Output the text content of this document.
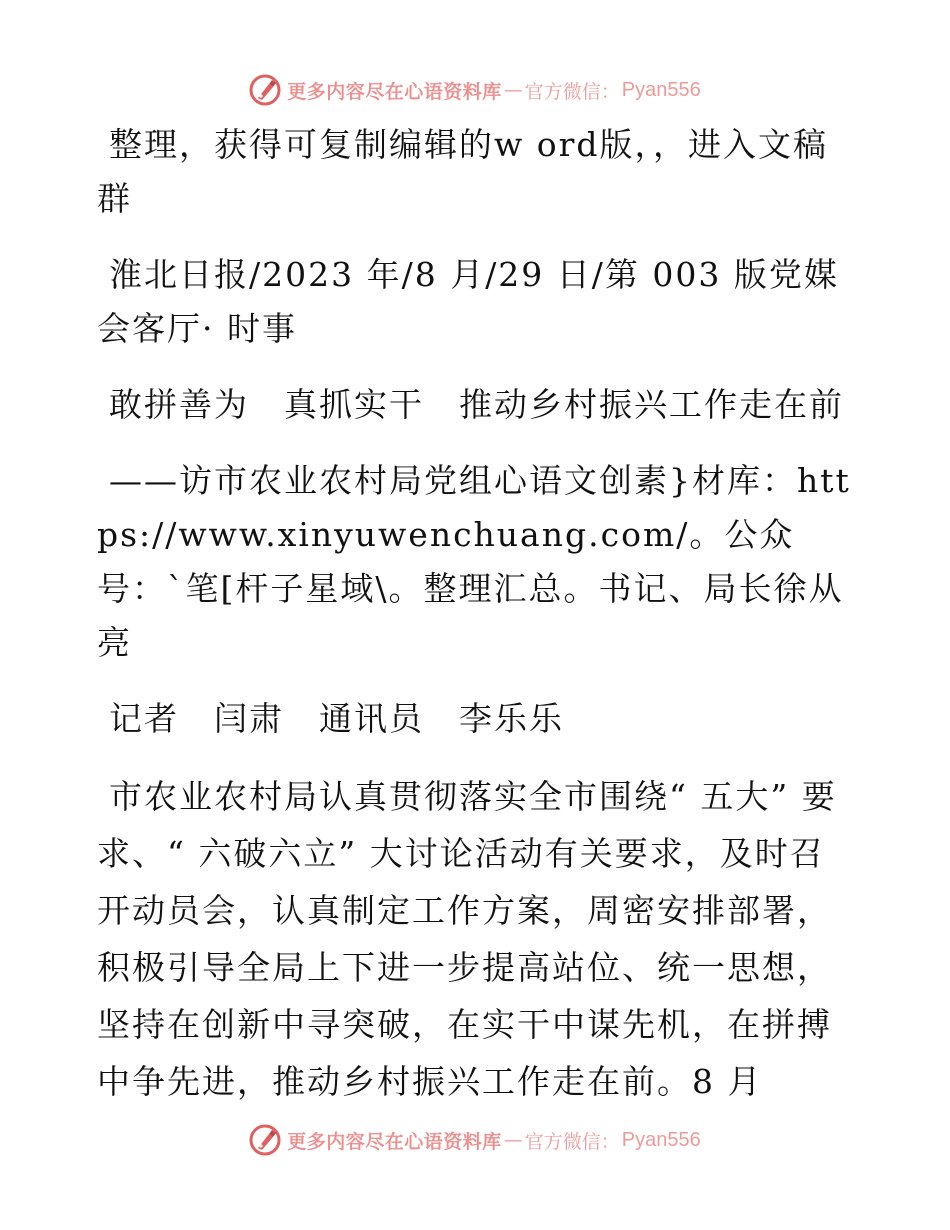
更多内容尽在心语资料库 — 官方微信： Pyan556

整理，获得可复制编辑的w ord版，，进入文稿群

淮北日报/2023 年/8 月/29 日/第 003 版党媒会客厅· 时事

敢拼善为　真抓实干　推动乡村振兴工作走在前

——访市农业农村局党组心语文创素}材库：https://www.xinyuwenchuang.com/。公众号：`笔[杆子星域\。整理汇总。书记、局长徐从亮

记者　闫肃　通讯员　李乐乐

市农业农村局认真贯彻落实全市围绕“ 五大” 要求、“ 六破六立” 大讨论活动有关要求，及时召开动员会，认真制定工作方案，周密安排部署，积极引导全局上下进一步提高站位、统一思想，坚持在创新中寻突破，在实干中谋先机，在拼搏中争先进，推动乡村振兴工作走在前。8 月

更多内容尽在心语资料库 — 官方微信： Pyan556
